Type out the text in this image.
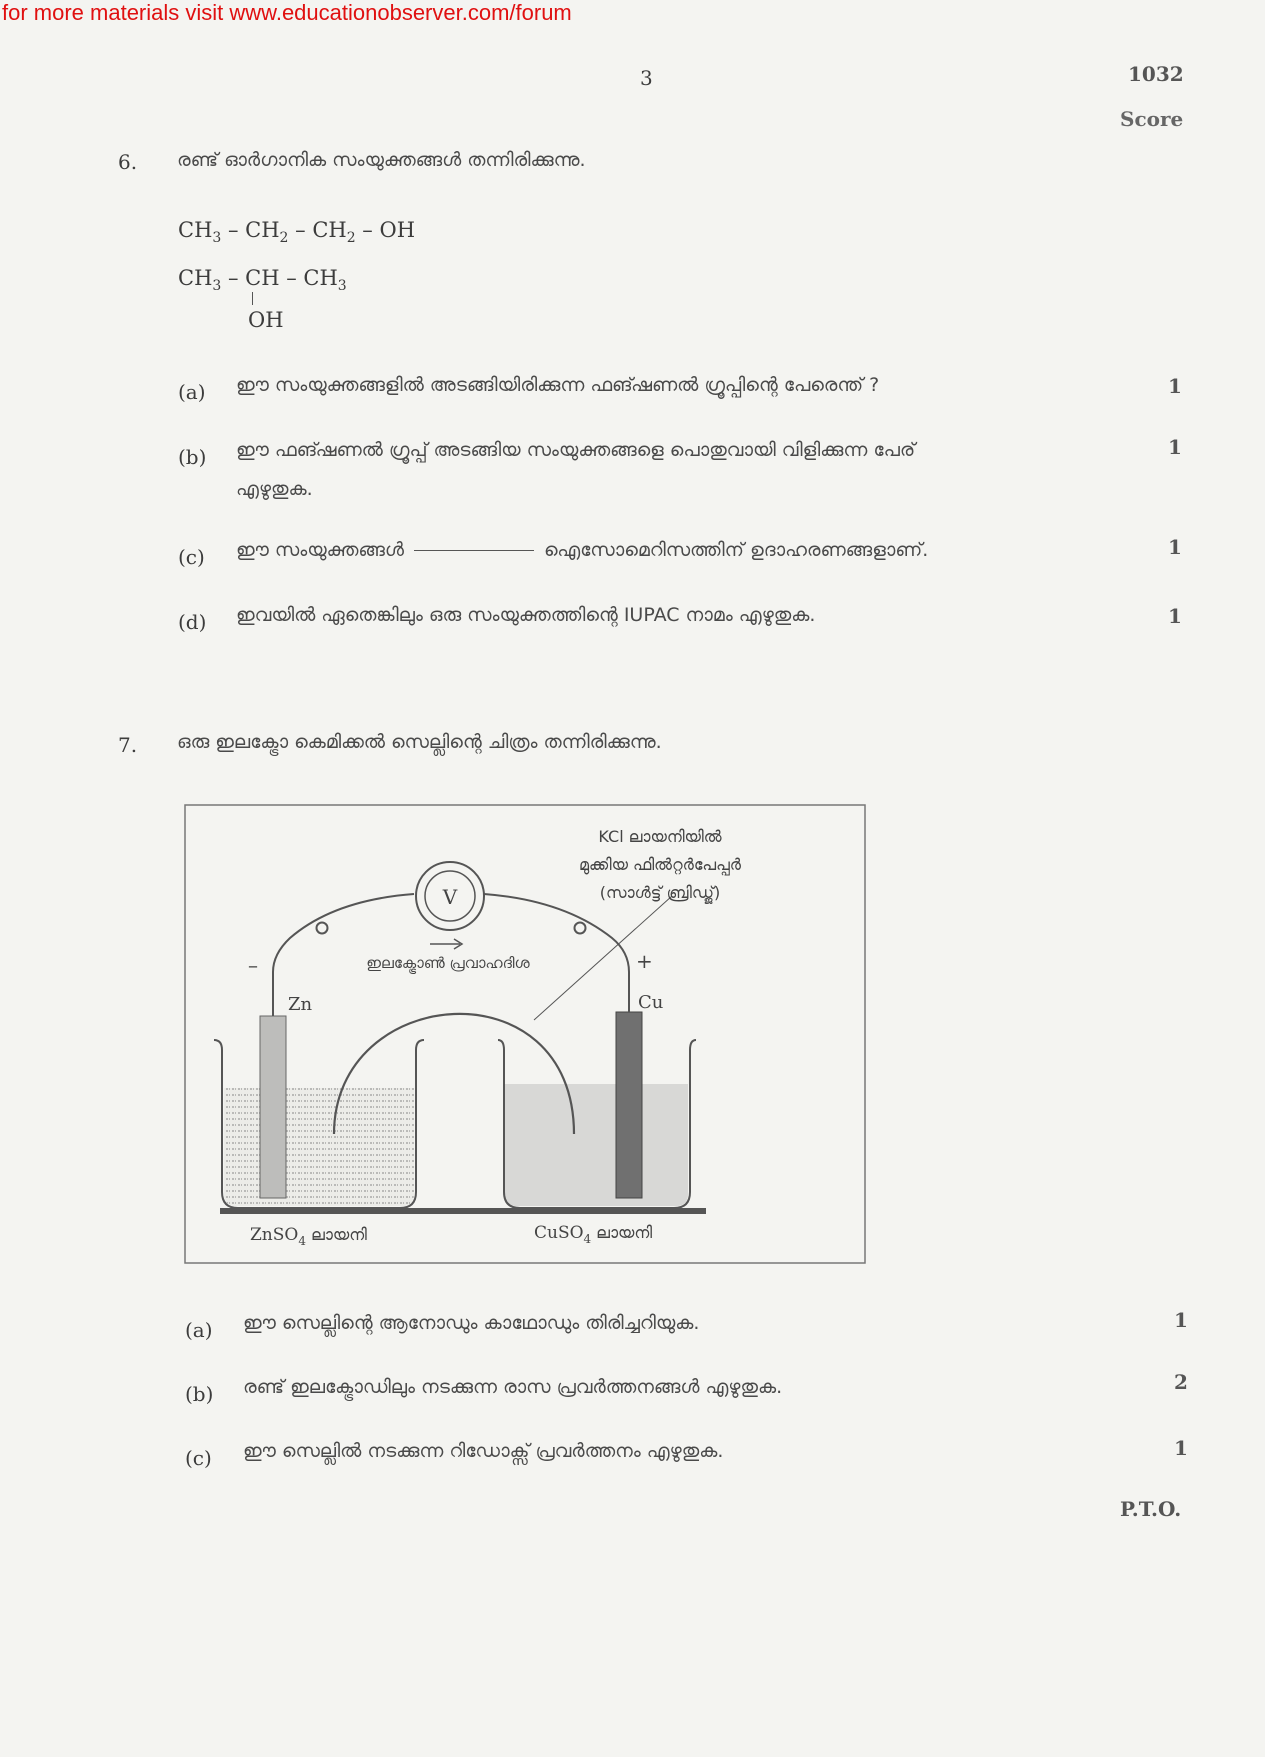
for more materials visit www.educationobserver.com/forum
3	1032
Score
6. രണ്ട് ഓർഗാനിക സംയുക്തങ്ങൾ തന്നിരിക്കുന്നു.
$CH_3 - CH_2 - CH_2$ – OH
$CH_3$ – CH – $CH_3$
OH
(a) ഈ സംയുക്തങ്ങളിൽ അടങ്ങിയിരിക്കുന്ന ഫങ്ഷണൽ ഗ്രൂപ്പിന്റെ പേരെന്ത് ?	1
(b) ഈ ഫങ്ഷണൽ ഗ്രൂപ്പ് അടങ്ങിയ സംയുക്തങ്ങളെ പൊതുവായി വിളിക്കുന്ന പേര്
എഴുതുക.
1
(c) ഈ സംയുക്തങ്ങൾ	ഐസോമെറിസത്തിന് ഉദാഹരണങ്ങളാണ്.	1
(d) ഇവയിൽ ഏതെങ്കിലും ഒരു സംയുക്തത്തിന്റെ IUPAC നാമം എഴുതുക.	1
7. ഒരു ഇലക്ട്രോ കെമിക്കൽ സെല്ലിന്റെ ചിത്രം തന്നിരിക്കുന്നു.
V
ഇലക്ട്രോൺ പ്രവാഹദിശ
–	+
Zn	Cu
KCl ലായനിയിൽ
മുക്കിയ ഫിൽറ്റർപേപ്പർ
(സാൾട്ട് ബ്രിഡ്ജ്)
ZnSO$_4$ ലായനി	CuSO$_4$ ലായനി
(a) ഈ സെല്ലിന്റെ ആനോഡും കാഥോഡും തിരിച്ചറിയുക.	1
(b) രണ്ട് ഇലക്ട്രോഡിലും നടക്കുന്ന രാസ പ്രവർത്തനങ്ങൾ എഴുതുക.	2
(c) ഈ സെല്ലിൽ നടക്കുന്ന റിഡോക്സ് പ്രവർത്തനം എഴുതുക.	1
P.T.O.
